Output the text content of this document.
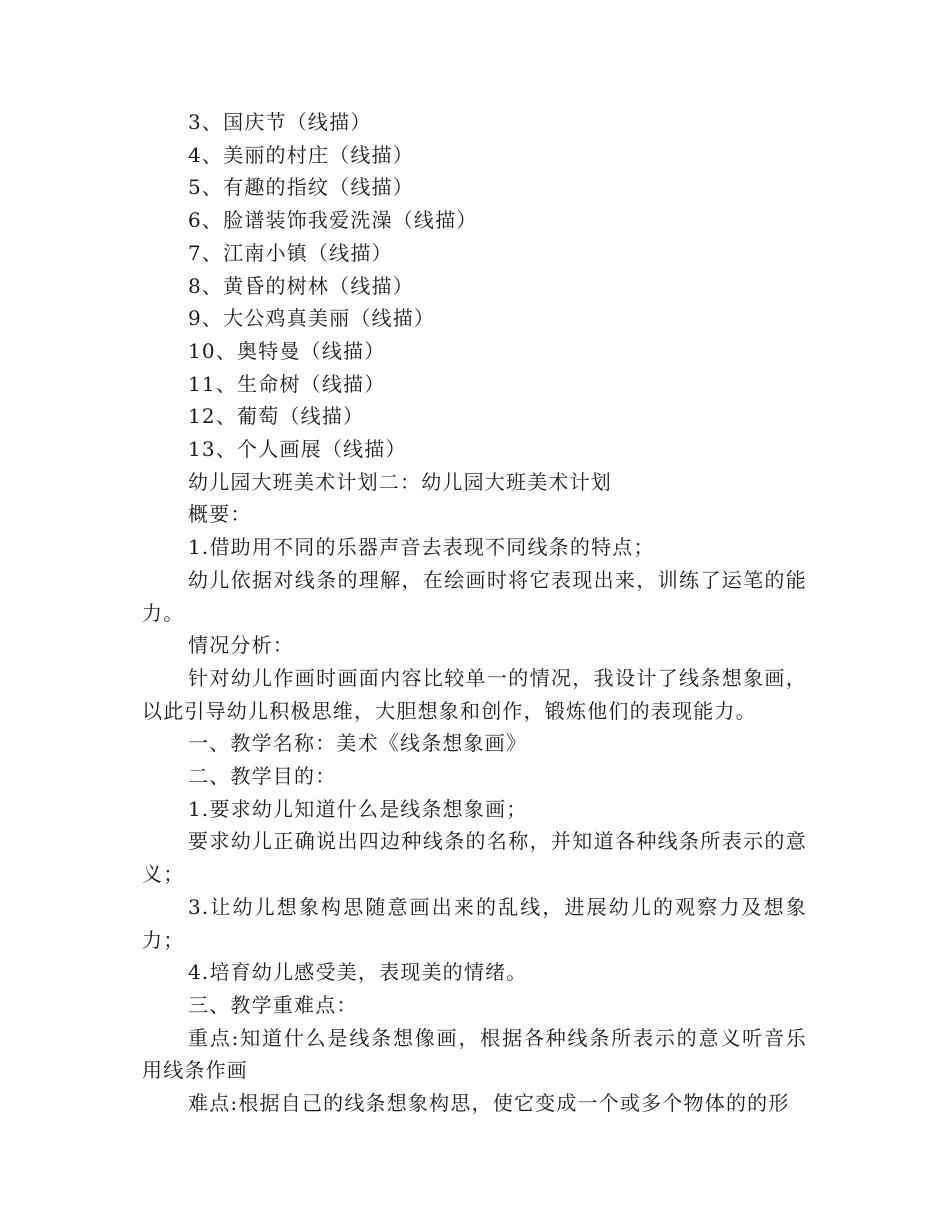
3、国庆节（线描）

4、美丽的村庄（线描）

5、有趣的指纹（线描）

6、脸谱装饰我爱洗澡（线描）

7、江南小镇（线描）

8、黄昏的树林（线描）

9、大公鸡真美丽（线描）

10、奥特曼（线描）

11、生命树（线描）

12、葡萄（线描）

13、个人画展（线描）

幼儿园大班美术计划二：幼儿园大班美术计划

概要：

1.借助用不同的乐器声音去表现不同线条的特点；

幼儿依据对线条的理解，在绘画时将它表现出来，训练了运笔的能力。

情况分析：

针对幼儿作画时画面内容比较单一的情况，我设计了线条想象画，以此引导幼儿积极思维，大胆想象和创作，锻炼他们的表现能力。

一、教学名称：美术《线条想象画》

二、教学目的：

1.要求幼儿知道什么是线条想象画；

要求幼儿正确说出四边种线条的名称，并知道各种线条所表示的意义；

3.让幼儿想象构思随意画出来的乱线，进展幼儿的观察力及想象力；

4.培育幼儿感受美，表现美的情绪。

三、教学重难点：

重点:知道什么是线条想像画，根据各种线条所表示的意义听音乐用线条作画

难点:根据自己的线条想象构思，使它变成一个或多个物体的的形
